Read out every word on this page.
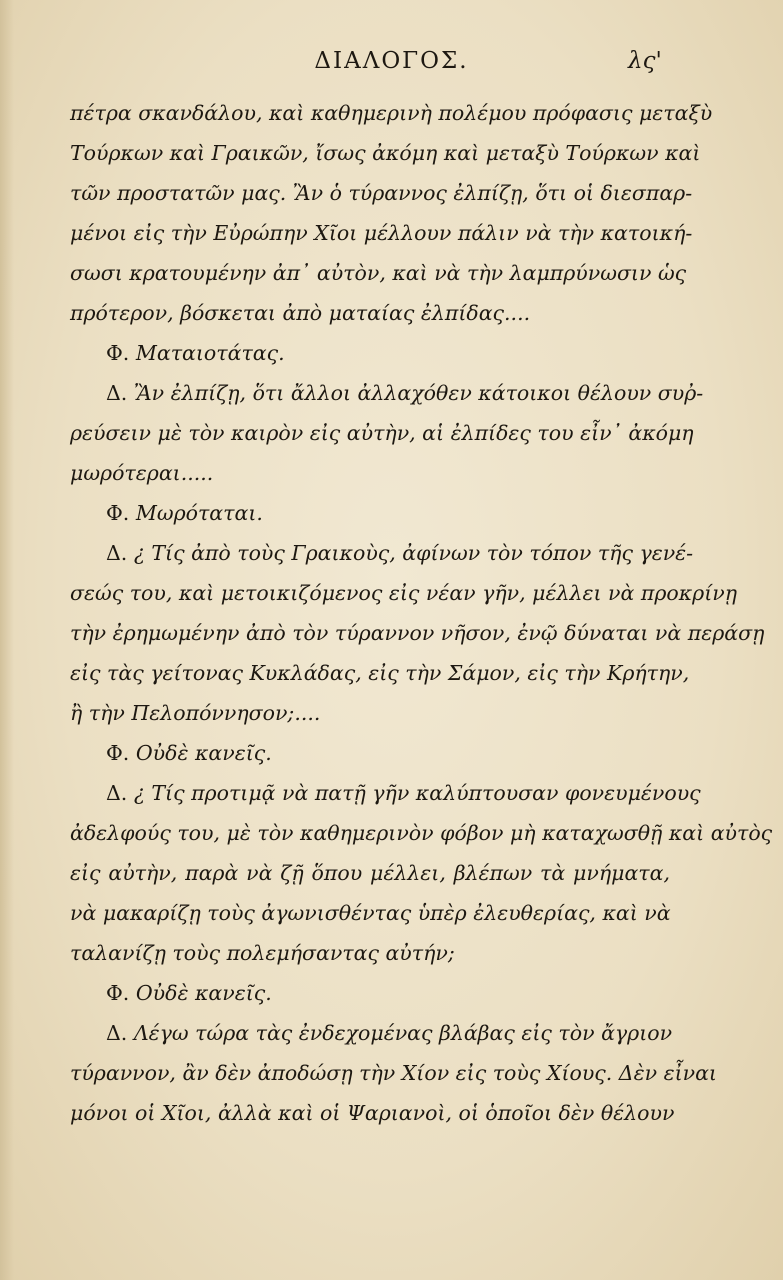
ΔΙΑΛΟΓΟΣ.	λς'
πέτρα σκανδάλου, καὶ καθημερινὴ πολέμου πρόφασις μεταξὺ
Τούρκων καὶ Γραικῶν, ἴσως ἀκόμη καὶ μεταξὺ Τούρκων καὶ
τῶν προστατῶν μας. Ἂν ὁ τύραννος ἐλπίζῃ, ὅτι οἱ διεσπαρ-
μένοι εἰς τὴν Εὐρώπην Χῖοι μέλλουν πάλιν νὰ τὴν κατοική-
σωσι κρατουμένην ἀπ᾽ αὐτὸν, καὶ νὰ τὴν λαμπρύνωσιν ὡς
πρότερον, βόσκεται ἀπὸ ματαίας ἐλπίδας....
Φ. Ματαιοτάτας.
Δ. Ἂν ἐλπίζῃ, ὅτι ἄλλοι ἀλλαχόθεν κάτοικοι θέλουν συῤ-
ρεύσειν μὲ τὸν καιρὸν εἰς αὐτὴν, αἱ ἐλπίδες του εἶν᾽ ἀκόμη
μωρότεραι.....
Φ. Μωρόταται.
Δ. ¿ Τίς ἀπὸ τοὺς Γραικοὺς, ἀφίνων τὸν τόπον τῆς γενέ-
σεώς του, καὶ μετοικιζόμενος εἰς νέαν γῆν, μέλλει νὰ προκρίνῃ
τὴν ἐρημωμένην ἀπὸ τὸν τύραννον νῆσον, ἐνῷ δύναται νὰ περάσῃ
εἰς τὰς γείτονας Κυκλάδας, εἰς τὴν Σάμον, εἰς τὴν Κρήτην,
ἢ τὴν Πελοπόννησον;....
Φ. Οὐδὲ κανεῖς.
Δ. ¿ Τίς προτιμᾷ νὰ πατῇ γῆν καλύπτουσαν φονευμένους
ἀδελφούς του, μὲ τὸν καθημερινὸν φόβον μὴ καταχωσθῇ καὶ αὐτὸς
εἰς αὐτὴν, παρὰ νὰ ζῇ ὅπου μέλλει, βλέπων τὰ μνήματα,
νὰ μακαρίζῃ τοὺς ἀγωνισθέντας ὑπὲρ ἐλευθερίας, καὶ νὰ
ταλανίζῃ τοὺς πολεμήσαντας αὐτήν;
Φ. Οὐδὲ κανεῖς.
Δ. Λέγω τώρα τὰς ἐνδεχομένας βλάβας εἰς τὸν ἄγριον
τύραννον, ἂν δὲν ἀποδώσῃ τὴν Χίον εἰς τοὺς Χίους. Δὲν εἶναι
μόνοι οἱ Χῖοι, ἀλλὰ καὶ οἱ Ψαριανοὶ, οἱ ὁποῖοι δὲν θέλουν
